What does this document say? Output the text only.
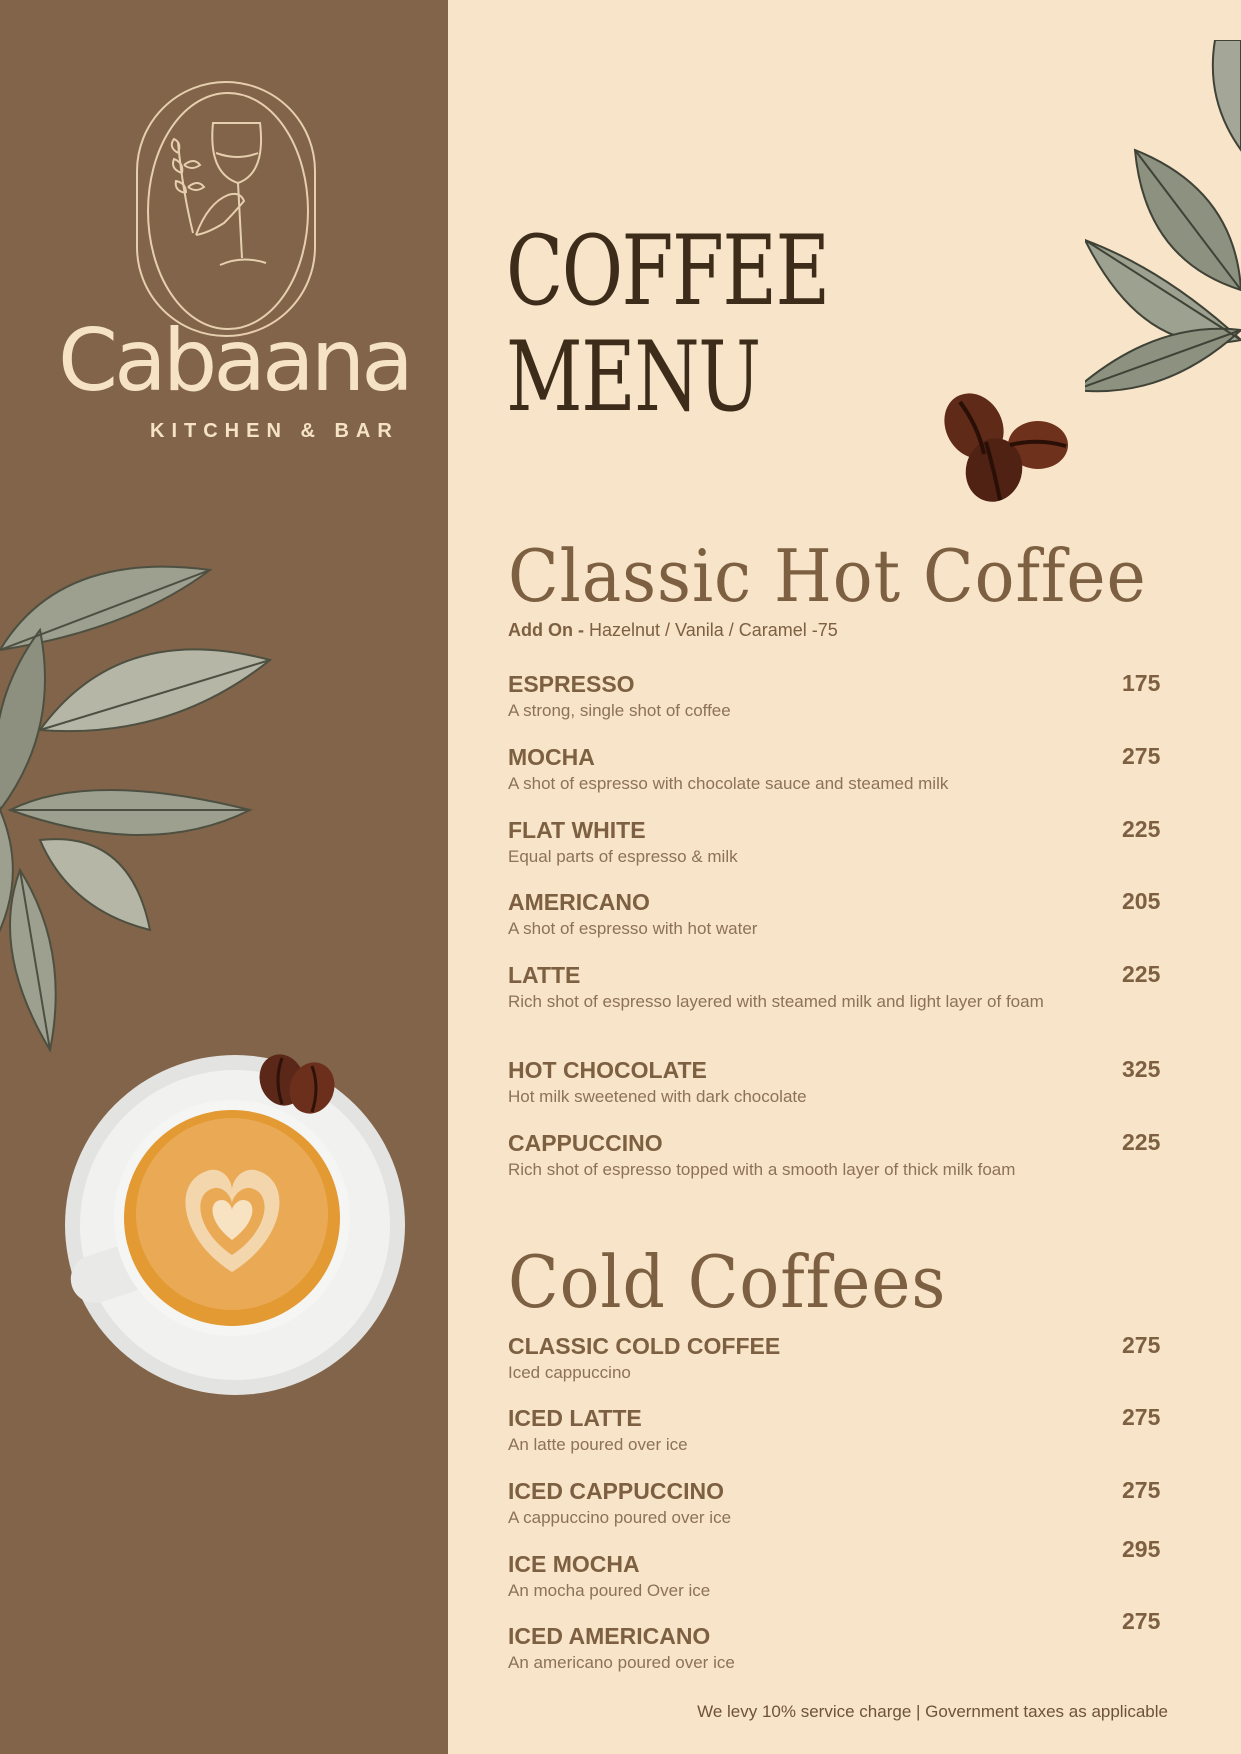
Cabaana
KITCHEN & BAR
COFFEE
MENU
Classic Hot Coffee
Add On - Hazelnut / Vanila / Caramel -75
ESPRESSO
A strong, single shot of coffee
175
MOCHA
A shot of espresso with chocolate sauce and steamed milk
275
FLAT WHITE
Equal parts of espresso & milk
225
AMERICANO
A shot of espresso with hot water
205
LATTE
Rich shot of espresso layered with steamed milk and light layer of foam
225
HOT CHOCOLATE
Hot milk sweetened with dark chocolate
325
CAPPUCCINO
Rich shot of espresso topped with a smooth layer of thick milk foam
225
Cold Coffees
CLASSIC COLD COFFEE
Iced cappuccino
275
ICED LATTE
An latte poured over ice
275
ICED CAPPUCCINO
A cappuccino poured over ice
275
ICE MOCHA
An mocha poured Over ice
295
ICED AMERICANO
An americano poured over ice
275
We levy 10% service charge | Government taxes as applicable
